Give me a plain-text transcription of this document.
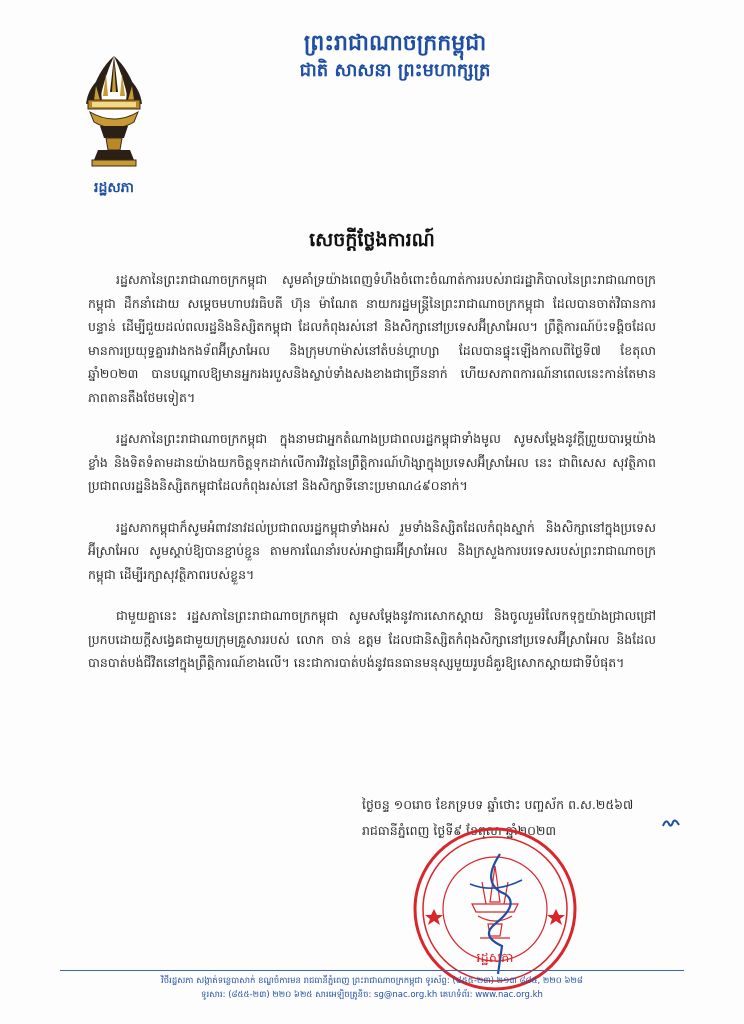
ព្រះរាជាណាចក្រកម្ពុជា
ជាតិ សាសនា ព្រះមហាក្សត្រ
រដ្ឋសភា
សេចក្តីថ្លែងការណ៍

រដ្ឋសភានៃព្រះរាជាណាចក្រកម្ពុជា សូមគាំទ្រយ៉ាងពេញទំហឹងចំពោះចំណាត់ការរបស់រាជរដ្ឋាភិបាលនៃព្រះរាជាណាចក្រកម្ពុជា ដឹកនាំដោយ សម្តេចមហាបវរធិបតី ហ៊ុន ម៉ាណែត នាយករដ្ឋមន្ត្រីនៃព្រះរាជាណាចក្រកម្ពុជា ដែលបានចាត់វិធានការបន្ទាន់ ដើម្បីជួយដល់ពលរដ្ឋនិងនិស្សិតកម្ពុជា ដែលកំពុងរស់នៅ និងសិក្សានៅប្រទេសអ៊ីស្រាអែល។ ព្រឹត្តិការណ៍ប៉ះទង្គិចដែលមានការប្រយុទ្ធគ្នារវាងកងទ័ពអ៊ីស្រាអែល និងក្រុមហាម៉ាស់នៅតំបន់ហ្គាហ្សា ដែលបានផ្ទុះឡើងកាលពីថ្ងៃទី៧ ខែតុលា ឆ្នាំ២០២៣ បានបណ្តាលឱ្យមានអ្នករងរបួសនិងស្លាប់ទាំងសងខាងជាច្រើននាក់ ហើយសភាពការណ៍នាពេលនេះកាន់តែមានភាពតានតឹងថែមទៀត។

រដ្ឋសភានៃព្រះរាជាណាចក្រកម្ពុជា ក្នុងនាមជាអ្នកតំណាងប្រជាពលរដ្ឋកម្ពុជាទាំងមូល សូមសម្តែងនូវក្តីព្រួយបារម្ភយ៉ាងខ្លាំង និងទិតទំតាមដានយ៉ាងយកចិត្តទុកដាក់លើការវិវត្តនៃព្រឹត្តិការណ៍ហិង្សាក្នុងប្រទេសអ៊ីស្រាអែល នេះ ជាពិសេស សុវត្ថិភាពប្រជាពលរដ្ឋនិងនិស្សិតកម្ពុជាដែលកំពុងរស់នៅ និងសិក្សាទីនោះប្រមាណ៤៩០នាក់។

រដ្ឋសភាកម្ពុជាក៏សូមអំពាវនាវដល់ប្រជាពលរដ្ឋកម្ពុជាទាំងអស់ រួមទាំងនិស្សិតដែលកំពុងស្នាក់ និងសិក្សានៅក្នុងប្រទេសអ៊ីស្រាអែល សូមស្តាប់ឱ្យបានខ្ជាប់ខ្ជួន តាមការណែនាំរបស់អាជ្ញាធរអ៊ីស្រាអែល និងក្រសួងការបរទេសរបស់ព្រះរាជាណាចក្រកម្ពុជា ដើម្បីរក្សាសុវត្ថិភាពរបស់ខ្លួន។

ជាមួយគ្នានេះ រដ្ឋសភានៃព្រះរាជាណាចក្រកម្ពុជា សូមសម្តែងនូវការសោកស្តាយ និងចូលរួមរំលែកទុក្ខយ៉ាងជ្រាលជ្រៅ ប្រកបដោយក្តីសង្វេគជាមួយក្រុមគ្រួសាររបស់ លោក ចាន់ ឧត្តម ដែលជានិស្សិតកំពុងសិក្សានៅប្រទេសអ៊ីស្រាអែល និងដែលបានបាត់បង់ជីវិតនៅក្នុងព្រឹត្តិការណ៍ខាងលើ។ នេះជាការបាត់បង់នូវធនធានមនុស្សមួយរូបដ៏គួរឱ្យសោកស្តាយជាទីបំផុត។

ថ្ងៃចន្ទ ១០រោច ខែភទ្របទ ឆ្នាំថោះ បញ្ចស័ក ព.ស.២៥៦៧
រាជធានីភ្នំពេញ ថ្ងៃទី៩ ខែតុលា ឆ្នាំ២០២៣
រដ្ឋសភា
វិថីរដ្ឋសភា សង្កាត់ទន្លេបាសាក់ ខណ្ឌចំការមន រាជធានីភ្នំពេញ ព្រះរាជាណាចក្រកម្ពុជា ទូរស័ព្ទ: (៨៥៥-២៣) ២១៣ ៨៨៥, ២២០ ៦២៨
ទូរសារ: (៨៥៥-២៣) ២២០ ៦២៥ សារអេឡិចត្រូនិច: sg@nac.org.kh គេហទំព័រ: www.nac.org.kh
